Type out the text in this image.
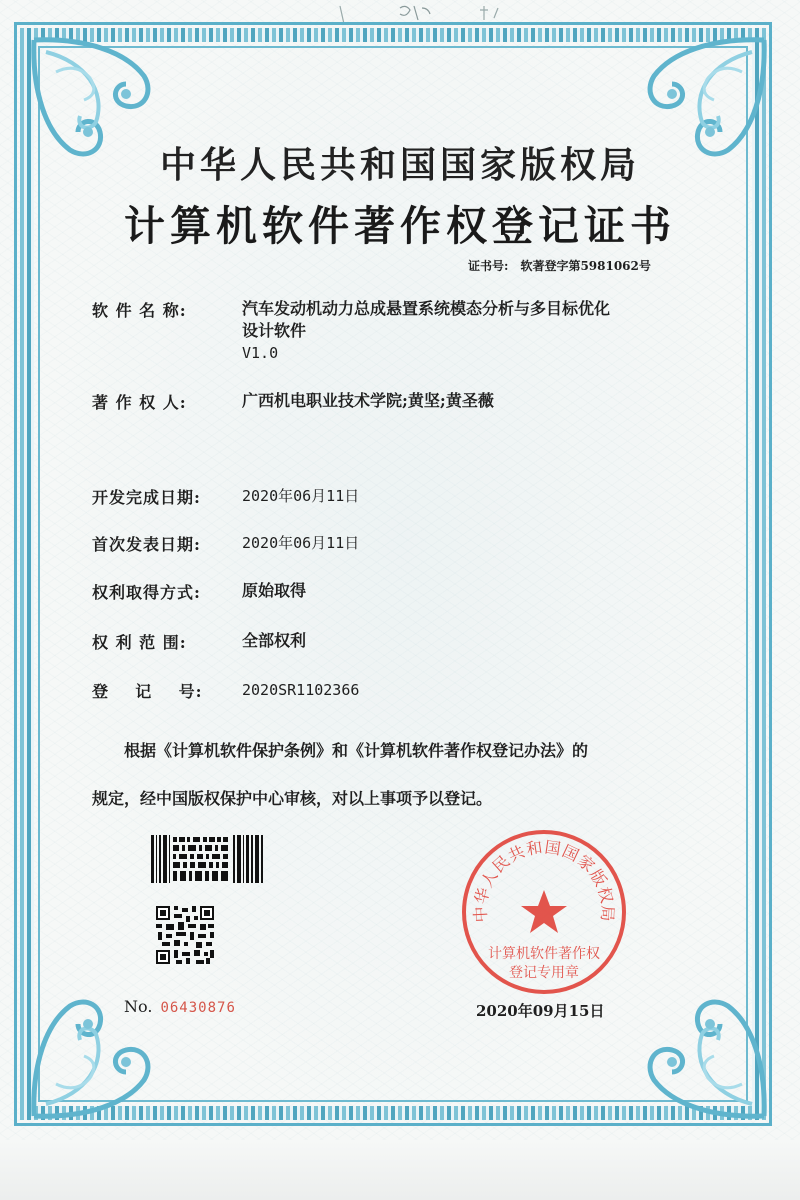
中华人民共和国国家版权局
计算机软件著作权登记证书
证书号: 软著登字第5981062号
软 件 名 称:	汽车发动机动力总成悬置系统模态分析与多目标优化
设计软件
V1.0
著 作 权 人:	广西机电职业技术学院;黄坚;黄圣薇
开发完成日期:	2020年06月11日
首次发表日期:	2020年06月11日
权利取得方式:	原始取得
权 利 范 围:	全部权利
登    记    号:	2020SR1102366
根据《计算机软件保护条例》和《计算机软件著作权登记办法》的
规定，经中国版权保护中心审核，对以上事项予以登记。
No. 06430876
中华人民共和国国家版权局
计算机软件著作权
登记专用章
2020年09月15日
